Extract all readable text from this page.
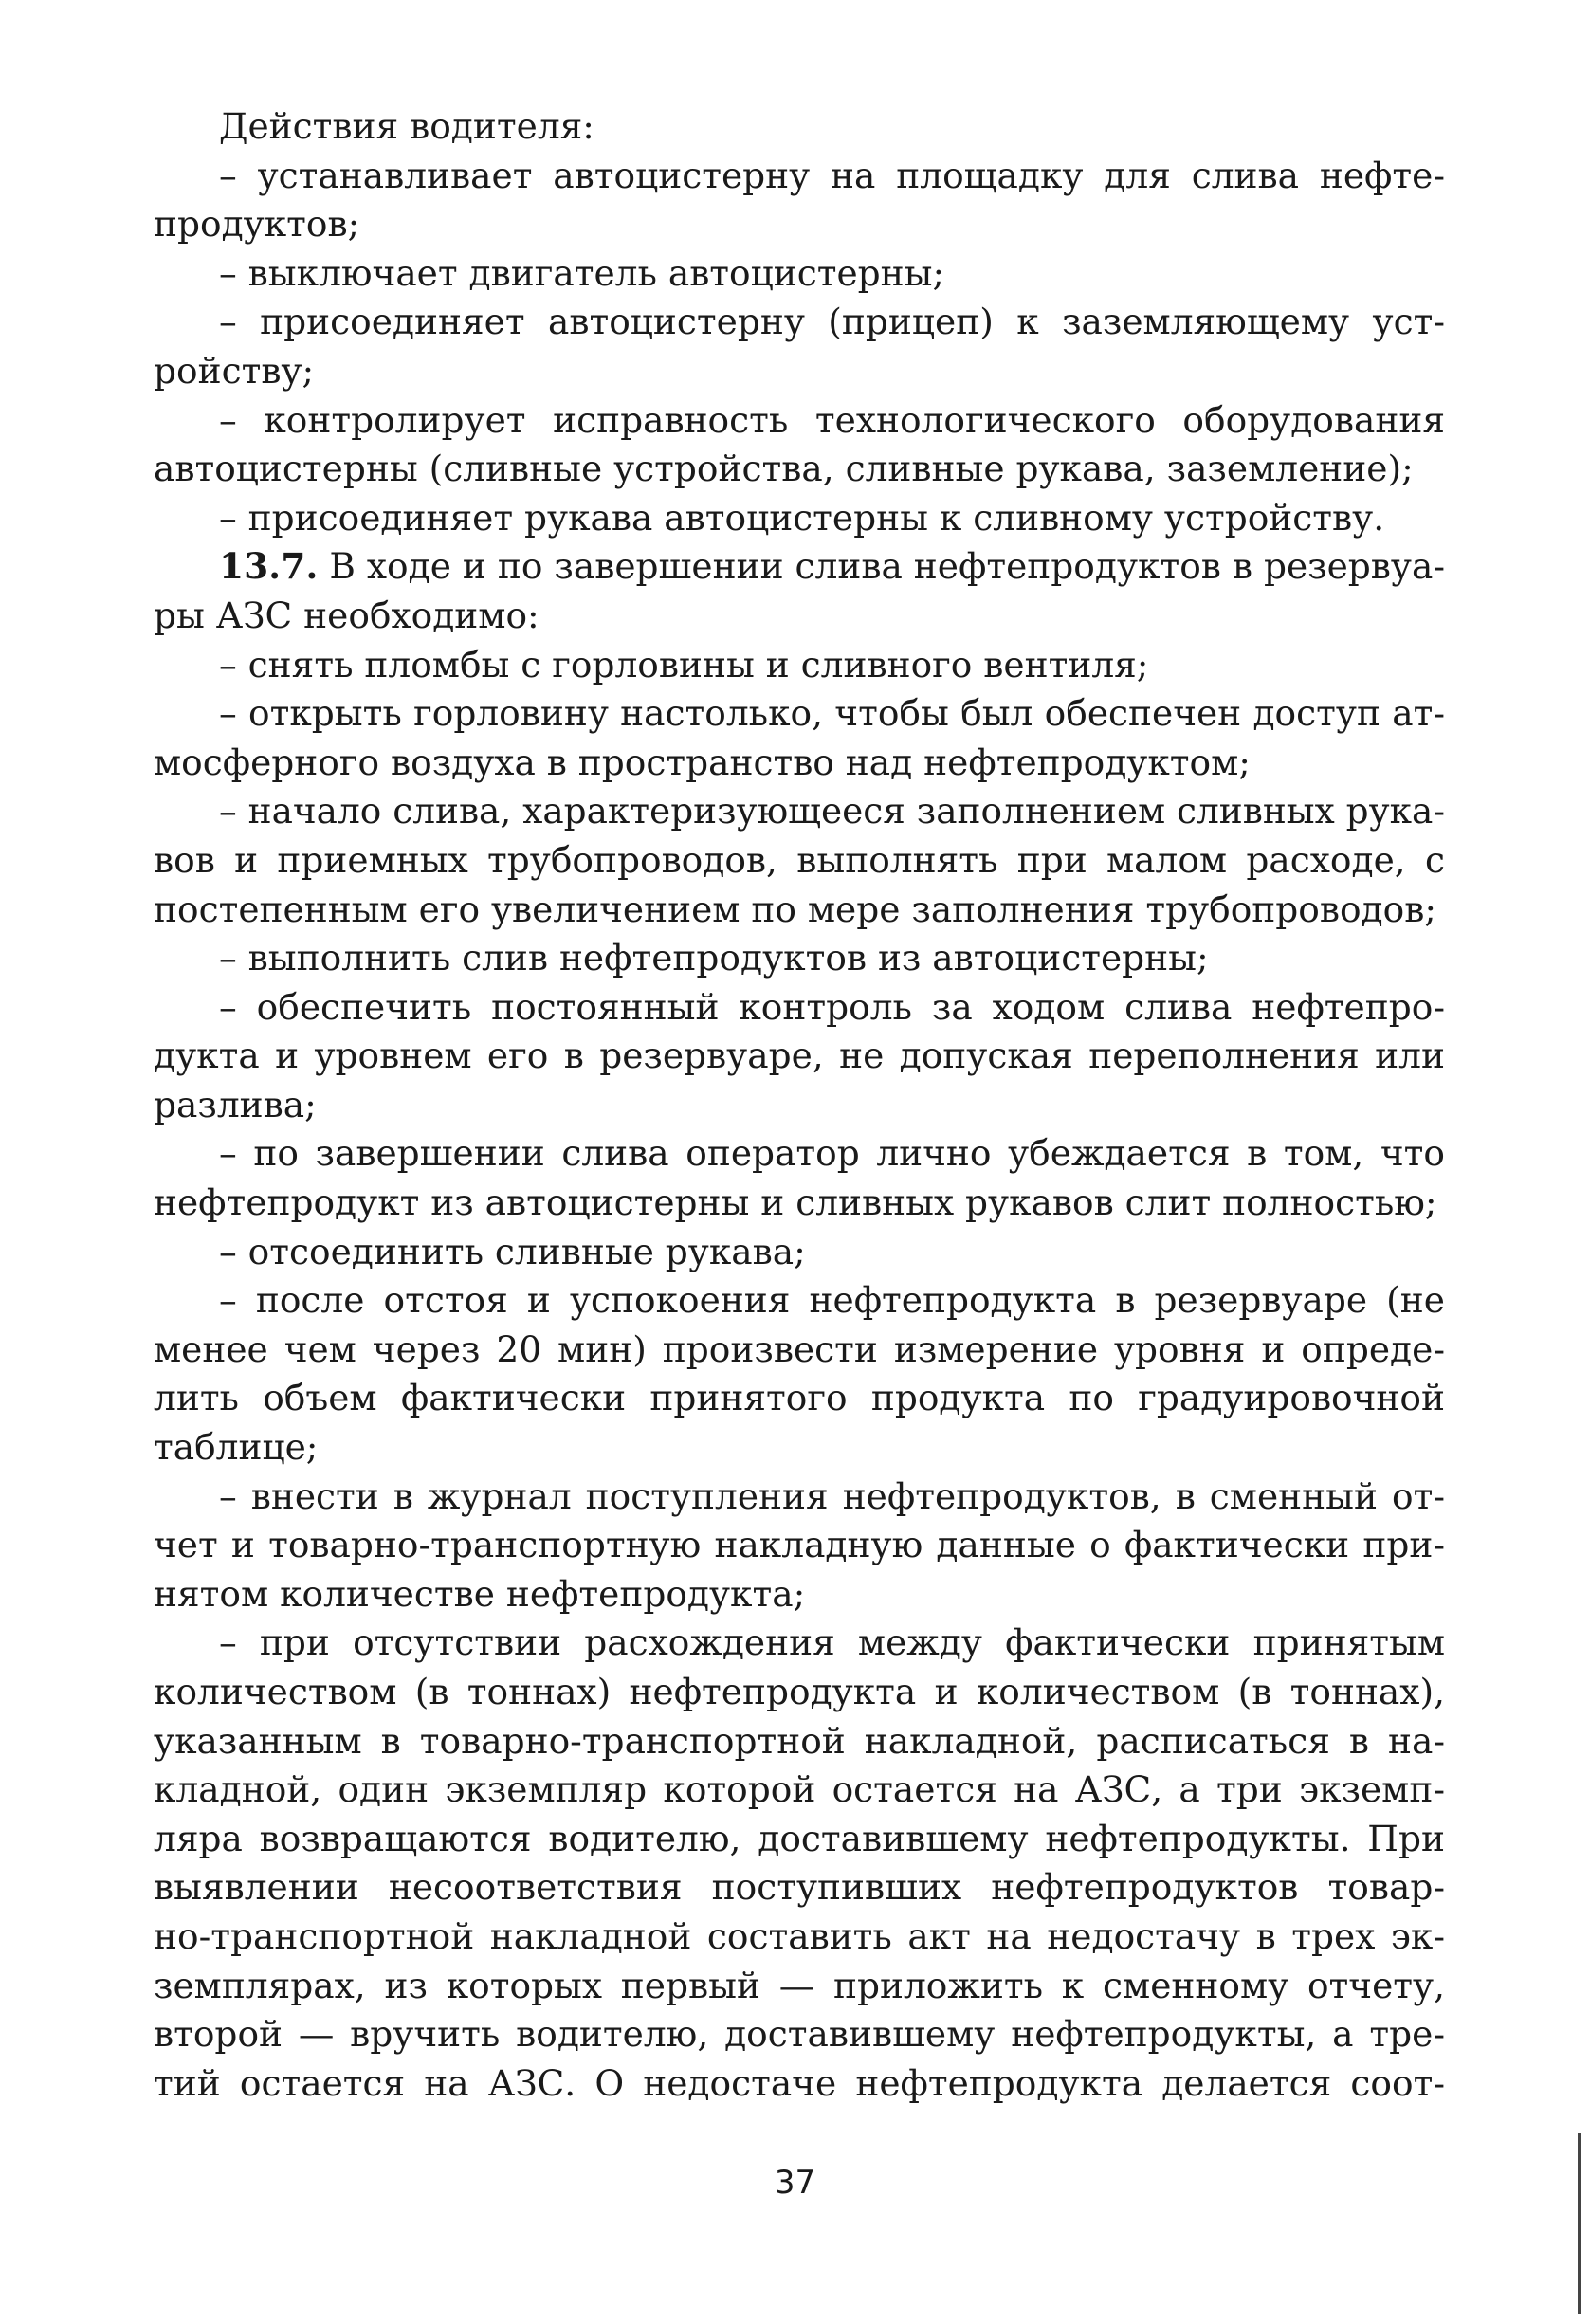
Действия водителя:
– устанавливает автоцистерну на площадку для слива нефте-
продуктов;
– выключает двигатель автоцистерны;
– присоединяет автоцистерну (прицеп) к заземляющему уст-
ройству;
– контролирует исправность технологического оборудования
автоцистерны (сливные устройства, сливные рукава, заземление);
– присоединяет рукава автоцистерны к сливному устройству.
13.7. В ходе и по завершении слива нефтепродуктов в резервуа-
ры АЗС необходимо:
– снять пломбы с горловины и сливного вентиля;
– открыть горловину настолько, чтобы был обеспечен доступ ат-
мосферного воздуха в пространство над нефтепродуктом;
– начало слива, характеризующееся заполнением сливных рука-
вов и приемных трубопроводов, выполнять при малом расходе, с
постепенным его увеличением по мере заполнения трубопроводов;
– выполнить слив нефтепродуктов из автоцистерны;
– обеспечить постоянный контроль за ходом слива нефтепро-
дукта и уровнем его в резервуаре, не допуская переполнения или
разлива;
– по завершении слива оператор лично убеждается в том, что
нефтепродукт из автоцистерны и сливных рукавов слит полностью;
– отсоединить сливные рукава;
– после отстоя и успокоения нефтепродукта в резервуаре (не
менее чем через 20 мин) произвести измерение уровня и опреде-
лить объем фактически принятого продукта по градуировочной
таблице;
– внести в журнал поступления нефтепродуктов, в сменный от-
чет и товарно-транспортную накладную данные о фактически при-
нятом количестве нефтепродукта;
– при отсутствии расхождения между фактически принятым
количеством (в тоннах) нефтепродукта и количеством (в тоннах),
указанным в товарно-транспортной накладной, расписаться в на-
кладной, один экземпляр которой остается на АЗС, а три экземп-
ляра возвращаются водителю, доставившему нефтепродукты. При
выявлении несоответствия поступивших нефтепродуктов товар-
но-транспортной накладной составить акт на недостачу в трех эк-
земплярах, из которых первый — приложить к сменному отчету,
второй — вручить водителю, доставившему нефтепродукты, а тре-
тий остается на АЗС. О недостаче нефтепродукта делается соот-
37
